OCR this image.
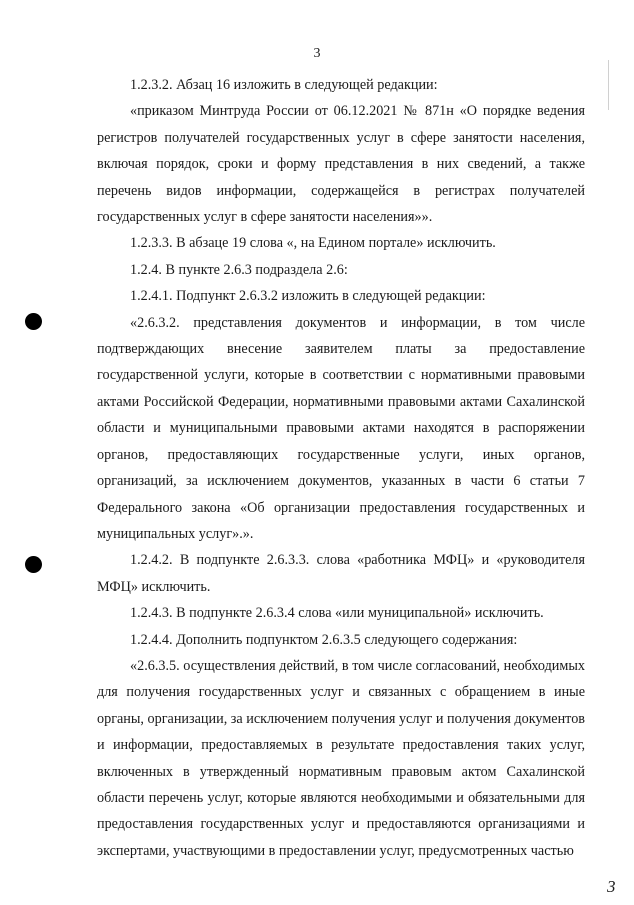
3

1.2.3.2. Абзац 16 изложить в следующей редакции:

«приказом Минтруда России от 06.12.2021 № 871н «О порядке ведения регистров получателей государственных услуг в сфере занятости населения, включая порядок, сроки и форму представления в них сведений, а также перечень видов информации, содержащейся в регистрах получателей государственных услуг в сфере занятости населения»».

1.2.3.3. В абзаце 19 слова «, на Едином портале» исключить.

1.2.4. В пункте 2.6.3 подраздела 2.6:

1.2.4.1. Подпункт 2.6.3.2 изложить в следующей редакции:

«2.6.3.2. представления документов и информации, в том числе подтверждающих внесение заявителем платы за предоставление государственной услуги, которые в соответствии с нормативными правовыми актами Российской Федерации, нормативными правовыми актами Сахалинской области и муниципальными правовыми актами находятся в распоряжении органов, предоставляющих государственные услуги, иных органов, организаций, за исключением документов, указанных в части 6 статьи 7 Федерального закона «Об организации предоставления государственных и муниципальных услуг».».

1.2.4.2. В подпункте 2.6.3.3. слова «работника МФЦ» и «руководителя МФЦ» исключить.

1.2.4.3. В подпункте 2.6.3.4 слова «или муниципальной» исключить.

1.2.4.4. Дополнить подпунктом 2.6.3.5 следующего содержания:

«2.6.3.5. осуществления действий, в том числе согласований, необходимых для получения государственных услуг и связанных с обращением в иные органы, организации, за исключением получения услуг и получения документов и информации, предоставляемых в результате предоставления таких услуг, включенных в утвержденный нормативным правовым актом Сахалинской области перечень услуг, которые являются необходимыми и обязательными для предоставления государственных услуг и предоставляются организациями и экспертами, участвующими в предоставлении услуг, предусмотренных частью

3
